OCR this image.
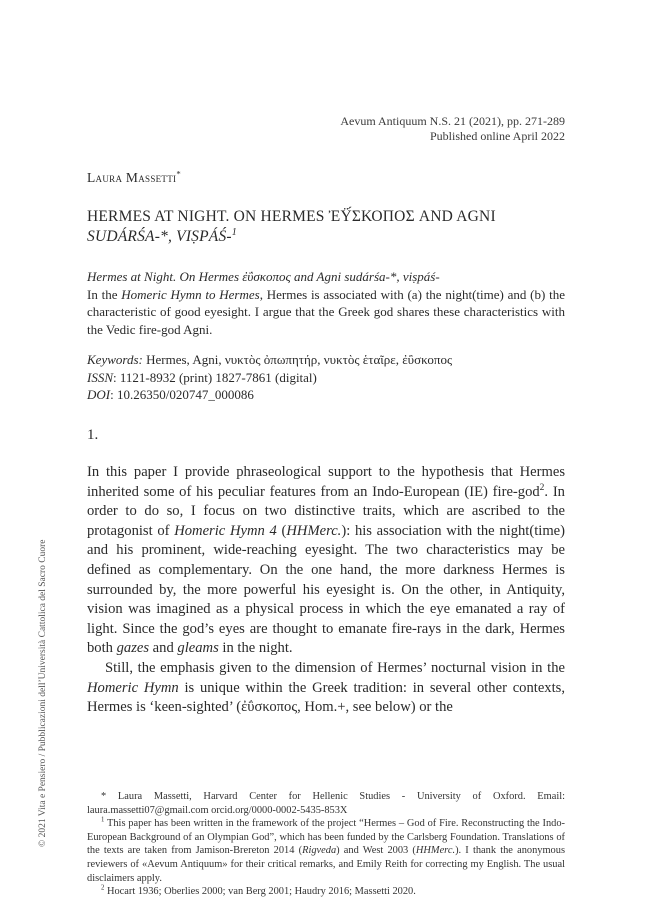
Aevum Antiquum N.S. 21 (2021), pp. 271-289
Published online April 2022
Laura Massetti*
HERMES AT NIGHT. ON HERMES ἘΫ́ΣΚΟΠΟΣ AND AGNI
SUDÁRŚA-*, VIṢPÁŚ-$^1$
Hermes at Night. On Hermes ἐΰσκοπος and Agni sudárśa-*, viṣpáś-
In the Homeric Hymn to Hermes, Hermes is associated with (a) the night(time) and (b) the characteristic of good eyesight. I argue that the Greek god shares these characteristics with the Vedic fire-god Agni.
Keywords: Hermes, Agni, νυκτὸς ὀπωπητήρ, νυκτὸς ἑταῖρε, ἐΰσκοπος
ISSN: 1121-8932 (print) 1827-7861 (digital)
DOI: 10.26350/020747_000086
1.

In this paper I provide phraseological support to the hypothesis that Hermes inherited some of his peculiar features from an Indo-European (IE) fire-god$^2$. In order to do so, I focus on two distinctive traits, which are ascribed to the protagonist of Homeric Hymn 4 (HHMerc.): his association with the night(time) and his prominent, wide-reaching eyesight. The two characteristics may be defined as complementary. On the one hand, the more darkness Hermes is surrounded by, the more powerful his eyesight is. On the other, in Antiquity, vision was imagined as a physical process in which the eye emanated a ray of light. Since the god’s eyes are thought to emanate fire-rays in the dark, Hermes both gazes and gleams in the night.

Still, the emphasis given to the dimension of Hermes’ nocturnal vision in the Homeric Hymn is unique within the Greek tradition: in several other contexts, Hermes is ‘keen-sighted’ (ἐΰσκοπος, Hom.+, see below) or the

* Laura Massetti, Harvard Center for Hellenic Studies - University of Oxford. Email: laura.massetti07@gmail.com orcid.org/0000-0002-5435-853X

$^1$ This paper has been written in the framework of the project “Hermes – God of Fire. Reconstructing the Indo-European Background of an Olympian God”, which has been funded by the Carlsberg Foundation. Translations of the texts are taken from Jamison-Brereton 2014 (Rigveda) and West 2003 (HHMerc.). I thank the anonymous reviewers of «Aevum Antiquum» for their critical remarks, and Emily Reith for correcting my English. The usual disclaimers apply.

$^2$ Hocart 1936; Oberlies 2000; van Berg 2001; Haudry 2016; Massetti 2020.

© 2021 Vita e Pensiero / Pubblicazioni dell’Università Cattolica del Sacro Cuore
